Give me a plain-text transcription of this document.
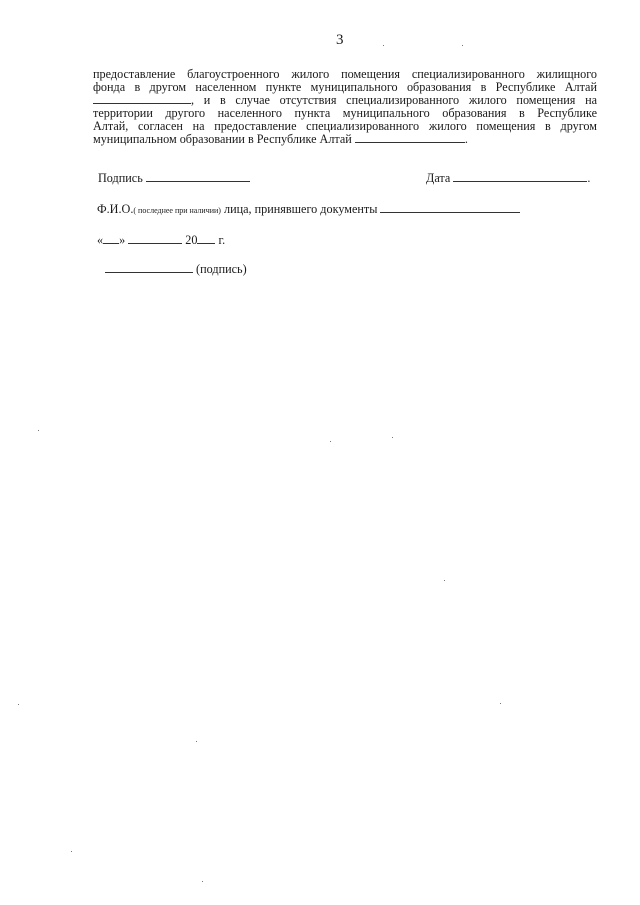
3
предоставление благоустроенного жилого помещения специализированного жилищного
фонда в другом населенном пункте муниципального образования в Республике Алтай
, и в случае отсутствия специализированного жилого помещения на
территории другого населенного пункта муниципального образования в Республике
Алтай, согласен на предоставление специализированного жилого помещения в другом
муниципальном образовании в Республике Алтай	.
Подпись	Дата	.
Ф.И.О.( последнее при наличии) лица, принявшего документы
« »	20 г.
(подпись)
